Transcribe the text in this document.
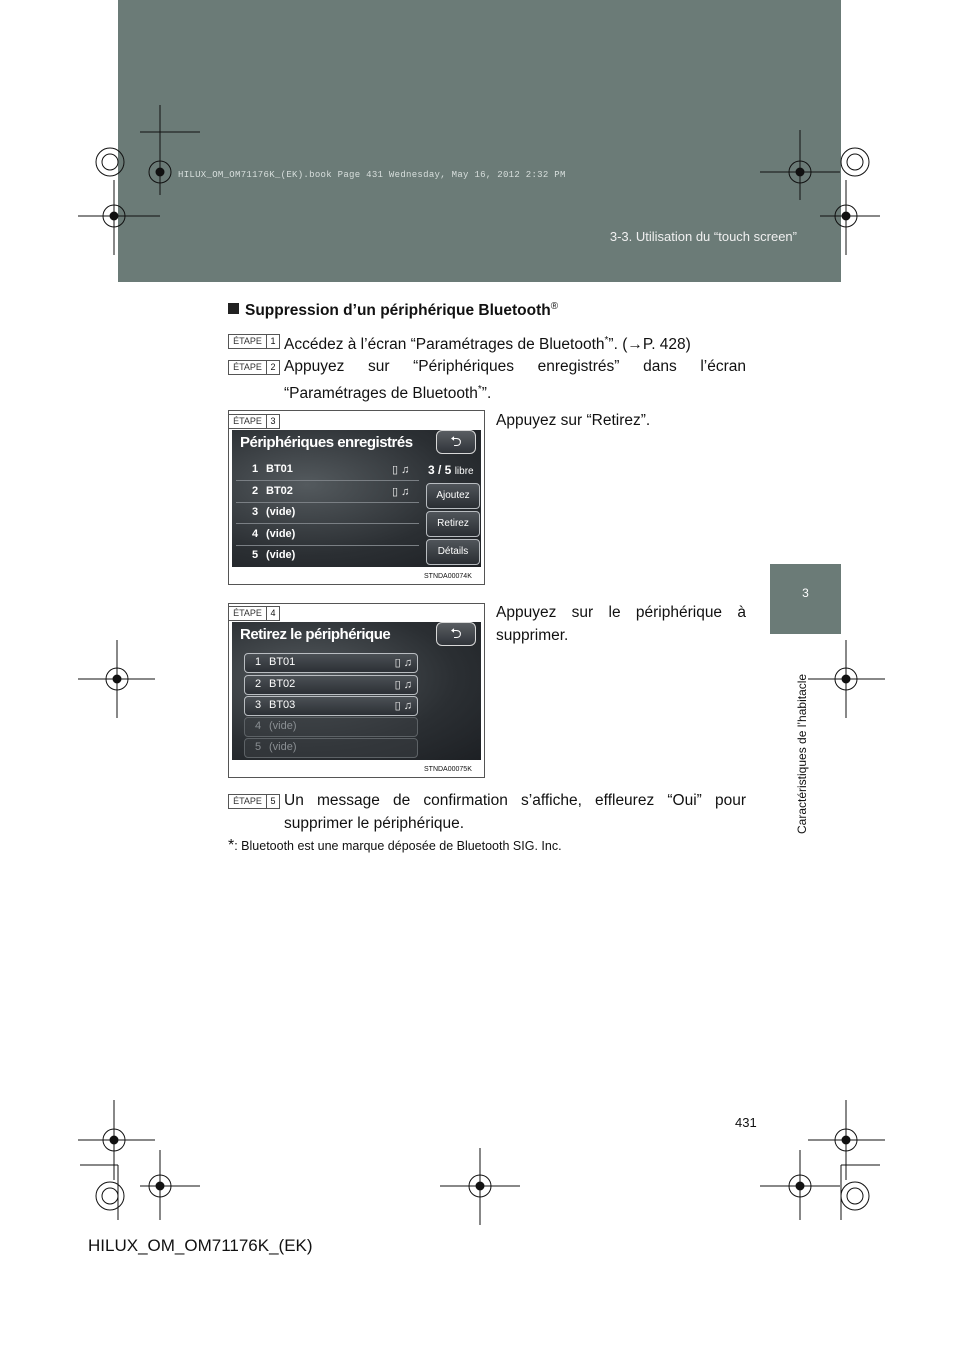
HILUX_OM_OM71176K_(EK).book Page 431 Wednesday, May 16, 2012 2:32 PM
3-3. Utilisation du “touch screen”
3
Caractéristiques de l’habitacle
Suppression d’un périphérique Bluetooth®
ÉTAPE 1 Accédez à l’écran “Paramétrages de Bluetooth*”. (→P. 428)
ÉTAPE 2 Appuyez sur “Périphériques enregistrés” dans l’écran “Paramétrages de Bluetooth*”.
ÉTAPE 3
Périphériques enregistrés	⮌
1 BT01	▯ ♫
2 BT02	▯ ♫
3 (vide)
4 (vide)
5 (vide)
3 / 5 libre
Ajoutez
Retirez
Détails
STNDA00074K
Appuyez sur “Retirez”.
ÉTAPE 4
Retirez le périphérique	⮌
1 BT01	▯ ♫
2 BT02	▯ ♫
3 BT03	▯ ♫
4 (vide)
5 (vide)
STNDA00075K
Appuyez sur le périphérique à supprimer.
ÉTAPE 5 Un message de confirmation s’affiche, effleurez “Oui” pour supprimer le périphérique.
*: Bluetooth est une marque déposée de Bluetooth SIG. Inc.
431
HILUX_OM_OM71176K_(EK)
